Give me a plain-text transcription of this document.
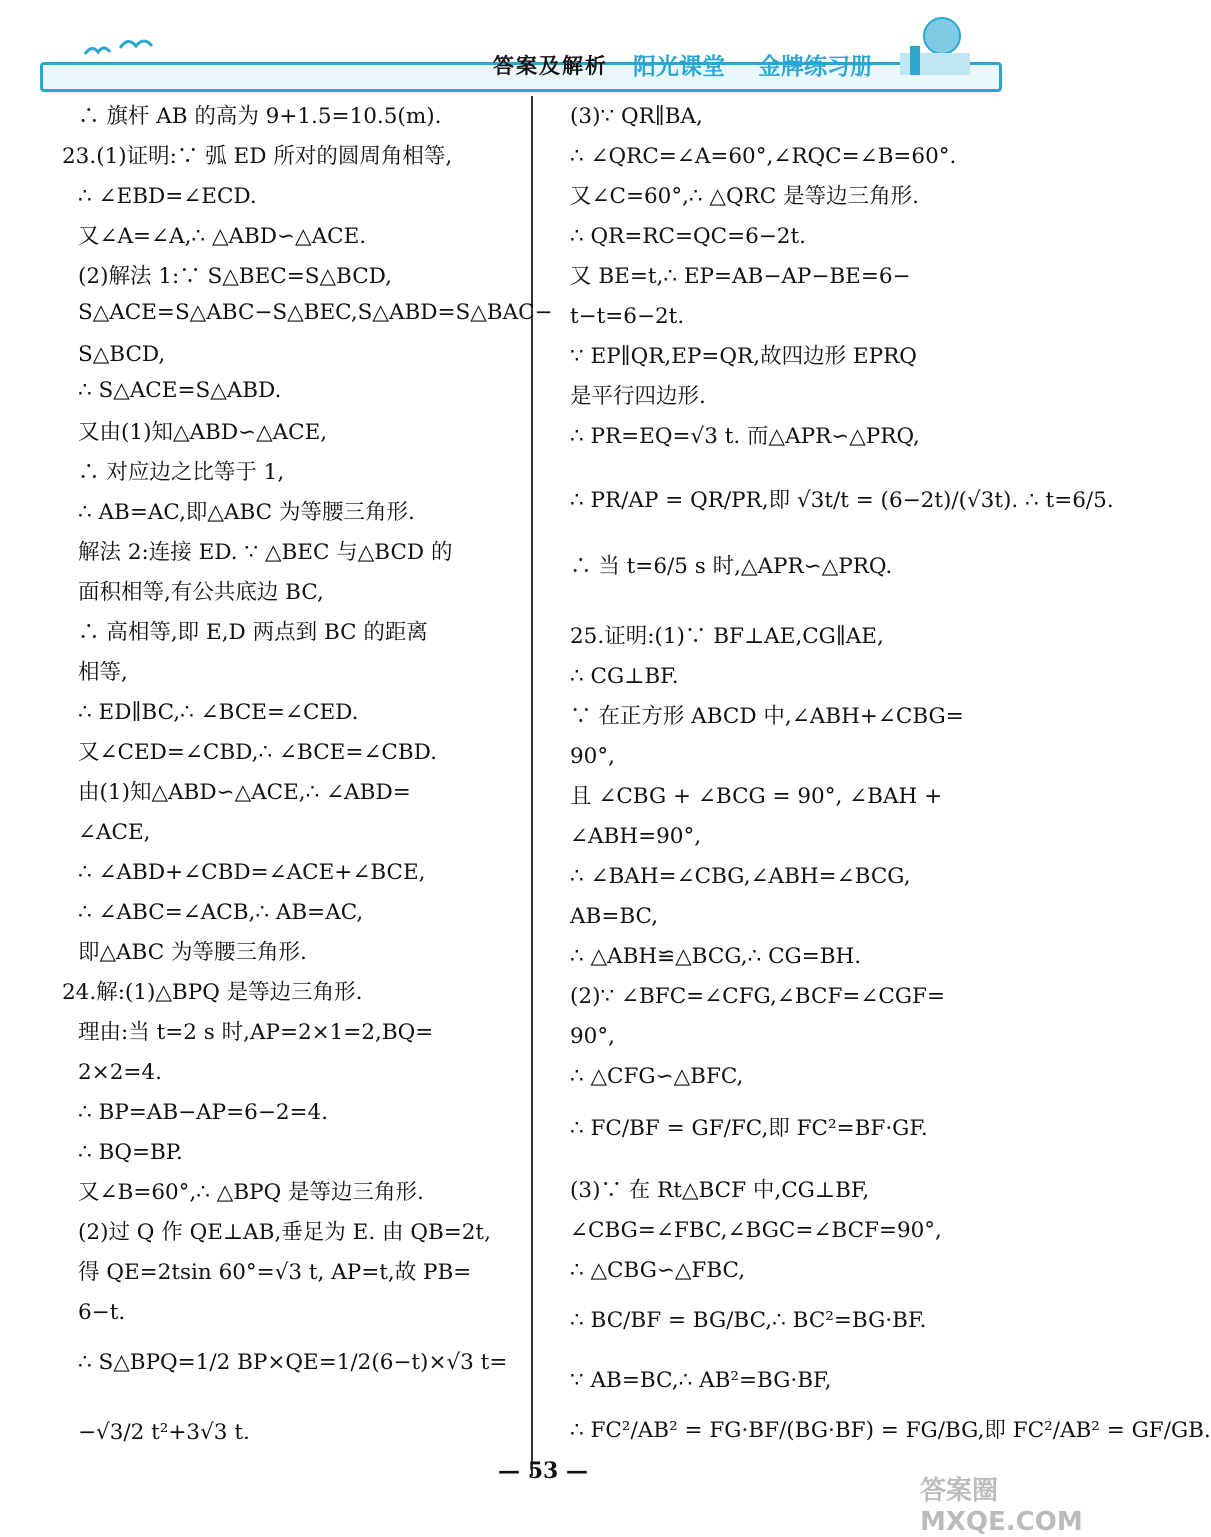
答案及解析 阳光课堂 金牌练习册
∴ 旗杆 AB 的高为 9+1.5=10.5(m).
23.(1)证明:∵ 弧 ED 所对的圆周角相等,
∴ ∠EBD=∠ECD.
又∠A=∠A,∴ △ABD∽△ACE.
(2)解法 1:∵ S△BEC=S△BCD,
S△ACE=S△ABC−S△BEC,S△ABD=S△BAC−
S△BCD,
∴ S△ACE=S△ABD.
又由(1)知△ABD∽△ACE,
∴ 对应边之比等于 1,
∴ AB=AC,即△ABC 为等腰三角形.
解法 2:连接 ED. ∵ △BEC 与△BCD 的
面积相等,有公共底边 BC,
∴ 高相等,即 E,D 两点到 BC 的距离
相等,
∴ ED∥BC,∴ ∠BCE=∠CED.
又∠CED=∠CBD,∴ ∠BCE=∠CBD.
由(1)知△ABD∽△ACE,∴ ∠ABD=
∠ACE,
∴ ∠ABD+∠CBD=∠ACE+∠BCE,
∴ ∠ABC=∠ACB,∴ AB=AC,
即△ABC 为等腰三角形.
24.解:(1)△BPQ 是等边三角形.
理由:当 t=2 s 时,AP=2×1=2,BQ=
2×2=4.
∴ BP=AB−AP=6−2=4.
∴ BQ=BP.
又∠B=60°,∴ △BPQ 是等边三角形.
(2)过 Q 作 QE⊥AB,垂足为 E. 由 QB=2t,
得 QE=2tsin 60°=√3 t, AP=t,故 PB=
6−t.
∴ S△BPQ=1/2 BP×QE=1/2(6−t)×√3 t=
−√3/2 t²+3√3 t.
(3)∵ QR∥BA,
∴ ∠QRC=∠A=60°,∠RQC=∠B=60°.
又∠C=60°,∴ △QRC 是等边三角形.
∴ QR=RC=QC=6−2t.
又 BE=t,∴ EP=AB−AP−BE=6−
t−t=6−2t.
∵ EP∥QR,EP=QR,故四边形 EPRQ
是平行四边形.
∴ PR=EQ=√3 t. 而△APR∽△PRQ,
∴ PR/AP = QR/PR,即 √3t/t = (6−2t)/(√3t). ∴ t=6/5.
∴ 当 t=6/5 s 时,△APR∽△PRQ.
25.证明:(1)∵ BF⊥AE,CG∥AE,
∴ CG⊥BF.
∵ 在正方形 ABCD 中,∠ABH+∠CBG=
90°,
且 ∠CBG + ∠BCG = 90°, ∠BAH +
∠ABH=90°,
∴ ∠BAH=∠CBG,∠ABH=∠BCG,
AB=BC,
∴ △ABH≌△BCG,∴ CG=BH.
(2)∵ ∠BFC=∠CFG,∠BCF=∠CGF=
90°,
∴ △CFG∽△BFC,
∴ FC/BF = GF/FC,即 FC²=BF·GF.
(3)∵ 在 Rt△BCF 中,CG⊥BF,
∠CBG=∠FBC,∠BGC=∠BCF=90°,
∴ △CBG∽△FBC,
∴ BC/BF = BG/BC,∴ BC²=BG·BF.
∵ AB=BC,∴ AB²=BG·BF,
∴ FC²/AB² = FG·BF/(BG·BF) = FG/BG,即 FC²/AB² = GF/GB.
— 53 —
答案圈 MXQE.COM
